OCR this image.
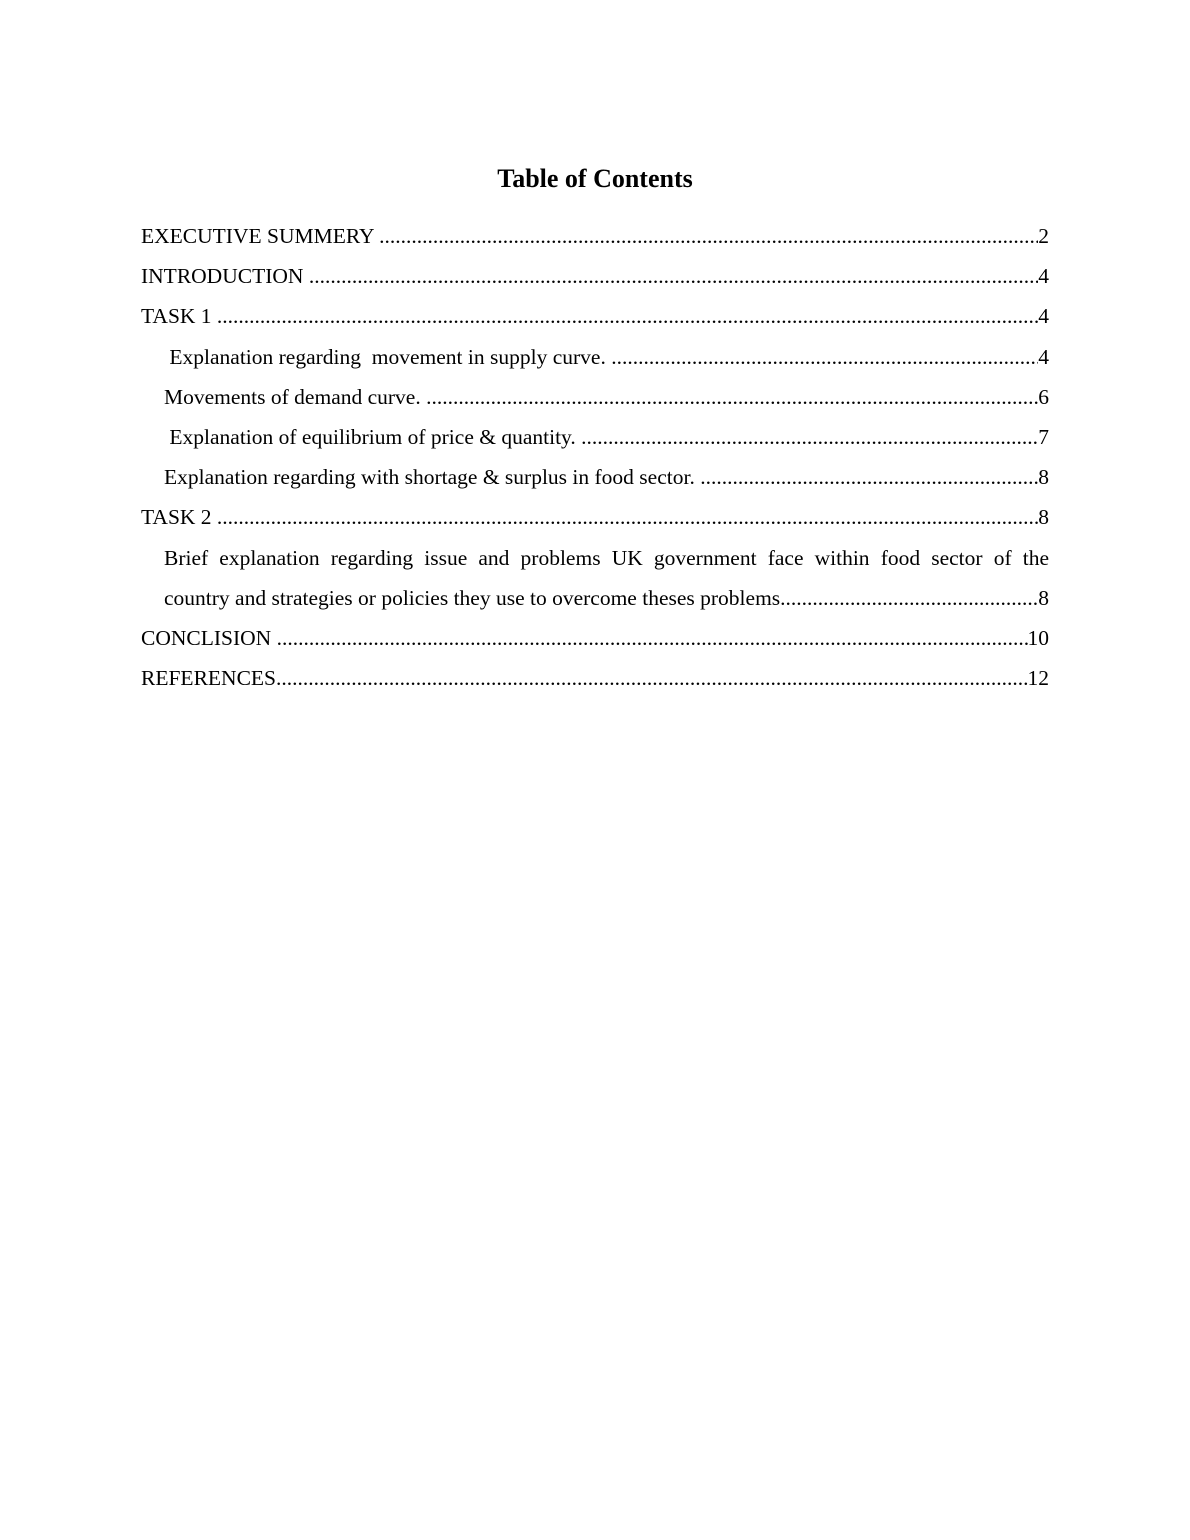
Table of Contents
EXECUTIVE SUMMERY .....	2
INTRODUCTION .....	4
TASK 1 .....	4
Explanation regarding  movement in supply curve. .....	4
Movements of demand curve. .....	6
Explanation of equilibrium of price & quantity. .....	7
Explanation regarding with shortage & surplus in food sector. .....	8
TASK 2 .....	8
Brief explanation regarding issue and problems UK government face within food sector of the
country and strategies or policies they use to overcome theses problems. .....	8
CONCLISION .....	10
REFERENCES .....	12
